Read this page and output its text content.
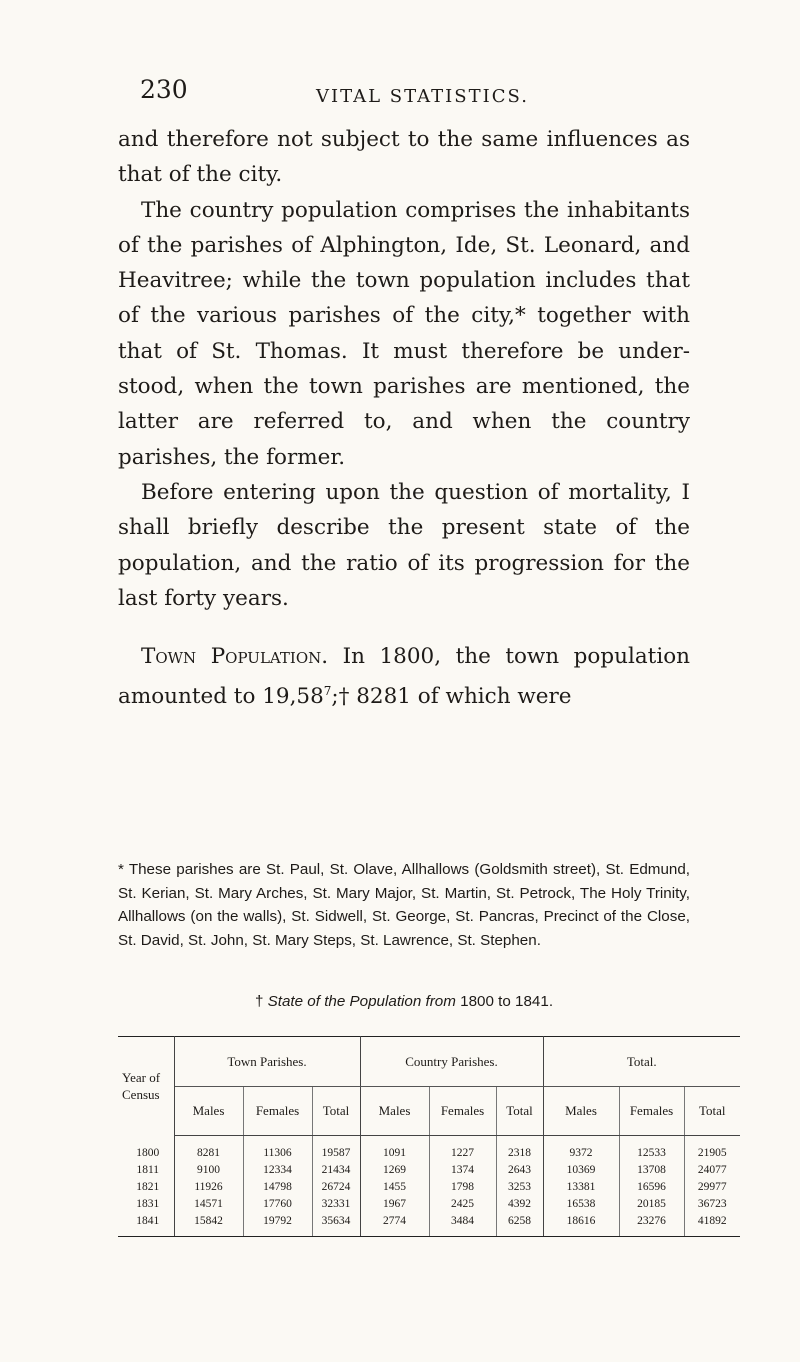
230	VITAL STATISTICS.

and therefore not subject to the same influences as that of the city.

The country population comprises the inhabitants of the parishes of Alphington, Ide, St. Leonard, and Heavitree; while the town population includes that of the various parishes of the city,* together with that of St. Thomas. It must therefore be understood, when the town parishes are mentioned, the latter are referred to, and when the country parishes, the former.

Before entering upon the question of mortality, I shall briefly describe the present state of the population, and the ratio of its progression for the last forty years.

Town Population. In 1800, the town population amounted to 19,58$^7$;† 8281 of which were

* These parishes are St. Paul, St. Olave, Allhallows (Goldsmith street), St. Edmund, St. Kerian, St. Mary Arches, St. Mary Major, St. Martin, St. Petrock, The Holy Trinity, Allhallows (on the walls), St. Sidwell, St. George, St. Pancras, Precinct of the Close, St. David, St. John, St. Mary Steps, St. Lawrence, St. Stephen.
† State of the Population from 1800 to 1841.
Year of Census	Town Parishes.			Country Parishes.			Total.		
	Males	Females	Total	Males	Females	Total	Males	Females	Total
1800	8281	11306	19587	1091	1227	2318	9372	12533	21905
1811	9100	12334	21434	1269	1374	2643	10369	13708	24077
1821	11926	14798	26724	1455	1798	3253	13381	16596	29977
1831	14571	17760	32331	1967	2425	4392	16538	20185	36723
1841	15842	19792	35634	2774	3484	6258	18616	23276	41892
